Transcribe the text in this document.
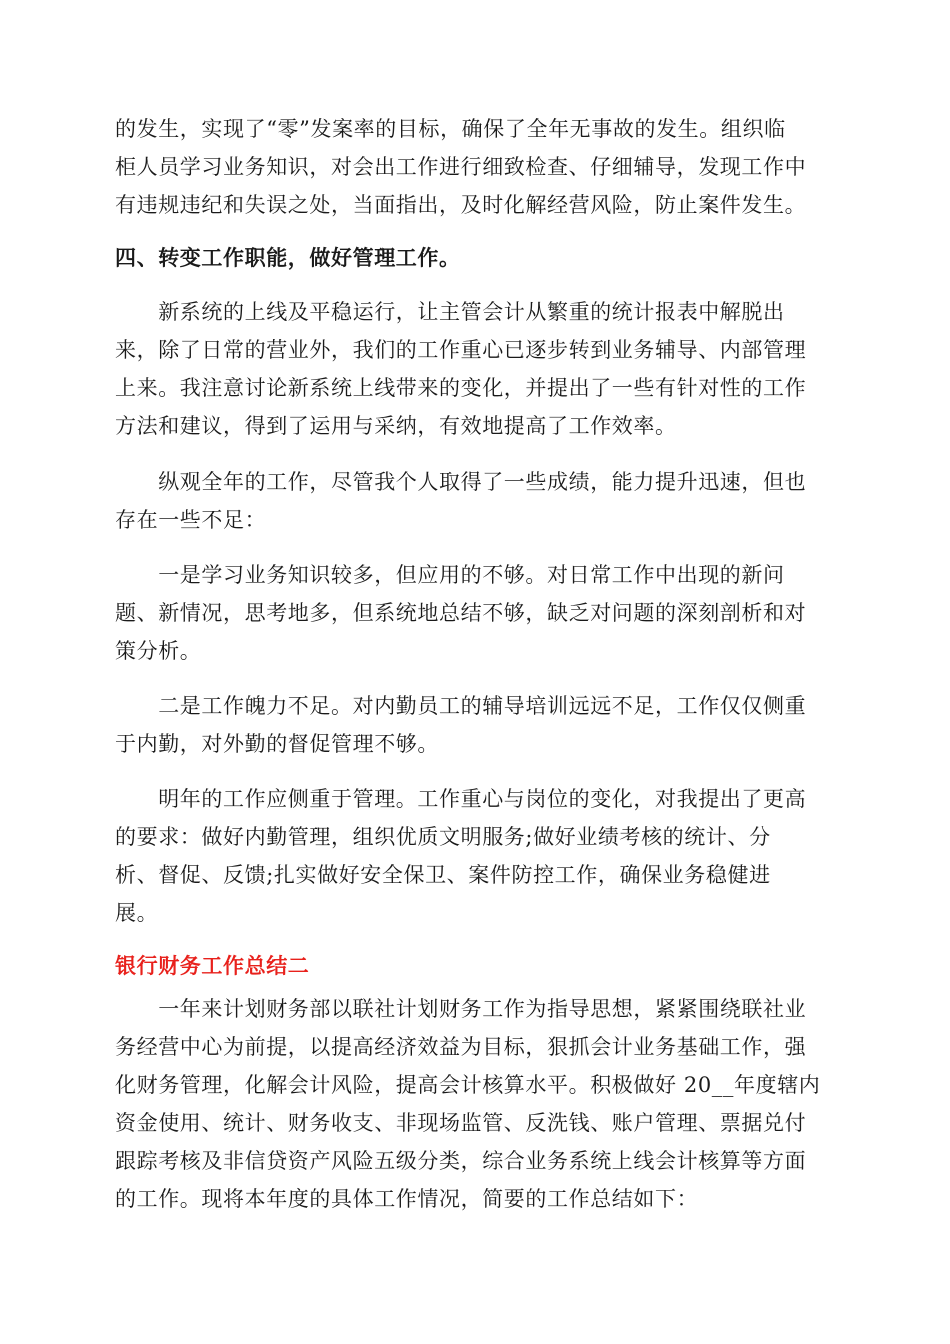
的发生，实现了“零”发案率的目标，确保了全年无事故的发生。组织临
柜人员学习业务知识，对会出工作进行细致检查、仔细辅导，发现工作中
有违规违纪和失误之处，当面指出，及时化解经营风险，防止案件发生。

四、转变工作职能，做好管理工作。

　　新系统的上线及平稳运行，让主管会计从繁重的统计报表中解脱出
来，除了日常的营业外，我们的工作重心已逐步转到业务辅导、内部管理
上来。我注意讨论新系统上线带来的变化，并提出了一些有针对性的工作
方法和建议，得到了运用与采纳，有效地提高了工作效率。

　　纵观全年的工作，尽管我个人取得了一些成绩，能力提升迅速，但也
存在一些不足：

　　一是学习业务知识较多，但应用的不够。对日常工作中出现的新问
题、新情况，思考地多，但系统地总结不够，缺乏对问题的深刻剖析和对
策分析。

　　二是工作魄力不足。对内勤员工的辅导培训远远不足，工作仅仅侧重
于内勤，对外勤的督促管理不够。

　　明年的工作应侧重于管理。工作重心与岗位的变化，对我提出了更高
的要求：做好内勤管理，组织优质文明服务;做好业绩考核的统计、分
析、督促、反馈;扎实做好安全保卫、案件防控工作，确保业务稳健进
展。

银行财务工作总结二

　　一年来计划财务部以联社计划财务工作为指导思想，紧紧围绕联社业
务经营中心为前提，以提高经济效益为目标，狠抓会计业务基础工作，强
化财务管理，化解会计风险，提高会计核算水平。积极做好 20__年度辖内
资金使用、统计、财务收支、非现场监管、反洗钱、账户管理、票据兑付
跟踪考核及非信贷资产风险五级分类，综合业务系统上线会计核算等方面
的工作。现将本年度的具体工作情况，简要的工作总结如下：
